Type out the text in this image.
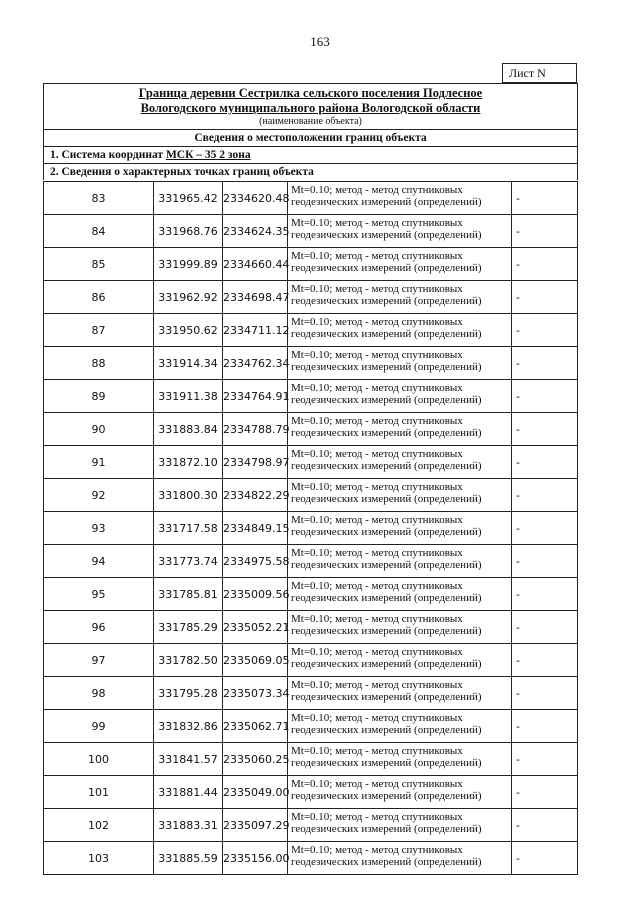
163
Лист N
Граница деревни Сестрилка сельского поселения Подлесное
Вологодского муниципального района Вологодской области
(наименование объекта)
Сведения о местоположении границ объекта
1. Система координат МСК – 35 2 зона
2. Сведения о характерных точках границ объекта
83	331965.42	2334620.48	Mt=0.10; метод - метод спутниковых
геодезических измерений (определений)	-
84	331968.76	2334624.35	Mt=0.10; метод - метод спутниковых
геодезических измерений (определений)	-
85	331999.89	2334660.44	Mt=0.10; метод - метод спутниковых
геодезических измерений (определений)	-
86	331962.92	2334698.47	Mt=0.10; метод - метод спутниковых
геодезических измерений (определений)	-
87	331950.62	2334711.12	Mt=0.10; метод - метод спутниковых
геодезических измерений (определений)	-
88	331914.34	2334762.34	Mt=0.10; метод - метод спутниковых
геодезических измерений (определений)	-
89	331911.38	2334764.91	Mt=0.10; метод - метод спутниковых
геодезических измерений (определений)	-
90	331883.84	2334788.79	Mt=0.10; метод - метод спутниковых
геодезических измерений (определений)	-
91	331872.10	2334798.97	Mt=0.10; метод - метод спутниковых
геодезических измерений (определений)	-
92	331800.30	2334822.29	Mt=0.10; метод - метод спутниковых
геодезических измерений (определений)	-
93	331717.58	2334849.15	Mt=0.10; метод - метод спутниковых
геодезических измерений (определений)	-
94	331773.74	2334975.58	Mt=0.10; метод - метод спутниковых
геодезических измерений (определений)	-
95	331785.81	2335009.56	Mt=0.10; метод - метод спутниковых
геодезических измерений (определений)	-
96	331785.29	2335052.21	Mt=0.10; метод - метод спутниковых
геодезических измерений (определений)	-
97	331782.50	2335069.05	Mt=0.10; метод - метод спутниковых
геодезических измерений (определений)	-
98	331795.28	2335073.34	Mt=0.10; метод - метод спутниковых
геодезических измерений (определений)	-
99	331832.86	2335062.71	Mt=0.10; метод - метод спутниковых
геодезических измерений (определений)	-
100	331841.57	2335060.25	Mt=0.10; метод - метод спутниковых
геодезических измерений (определений)	-
101	331881.44	2335049.00	Mt=0.10; метод - метод спутниковых
геодезических измерений (определений)	-
102	331883.31	2335097.29	Mt=0.10; метод - метод спутниковых
геодезических измерений (определений)	-
103	331885.59	2335156.00	Mt=0.10; метод - метод спутниковых
геодезических измерений (определений)	-
